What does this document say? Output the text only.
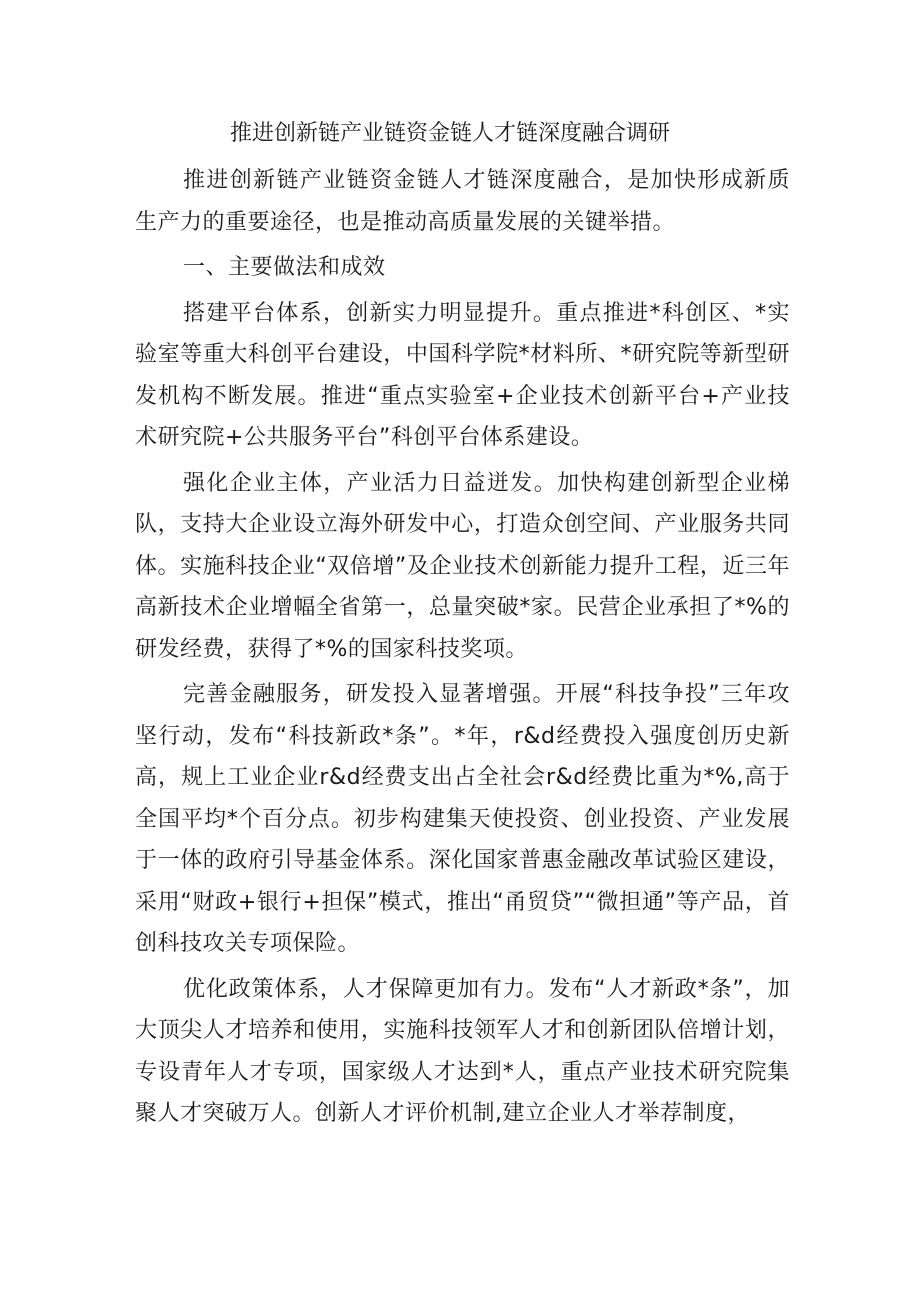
推进创新链产业链资金链人才链深度融合调研

推进创新链产业链资金链人才链深度融合，是加快形成新质生产力的重要途径，也是推动高质量发展的关键举措。

一、主要做法和成效

搭建平台体系，创新实力明显提升。重点推进*科创区、*实验室等重大科创平台建设，中国科学院*材料所、*研究院等新型研发机构不断发展。推进“重点实验室+企业技术创新平台+产业技术研究院+公共服务平台”科创平台体系建设。

强化企业主体，产业活力日益迸发。加快构建创新型企业梯队，支持大企业设立海外研发中心，打造众创空间、产业服务共同体。实施科技企业“双倍增”及企业技术创新能力提升工程，近三年高新技术企业增幅全省第一，总量突破*家。民营企业承担了*%的研发经费，获得了*%的国家科技奖项。

完善金融服务，研发投入显著增强。开展“科技争投”三年攻坚行动，发布“科技新政*条”。*年，r&d经费投入强度创历史新高，规上工业企业r&d经费支出占全社会r&d经费比重为*%,高于全国平均*个百分点。初步构建集天使投资、创业投资、产业发展于一体的政府引导基金体系。深化国家普惠金融改革试验区建设，采用“财政+银行+担保”模式，推出“甬贸贷”“微担通”等产品，首创科技攻关专项保险。

优化政策体系，人才保障更加有力。发布“人才新政*条”，加大顶尖人才培养和使用，实施科技领军人才和创新团队倍增计划，专设青年人才专项，国家级人才达到*人，重点产业技术研究院集聚人才突破万人。创新人才评价机制,建立企业人才举荐制度，
